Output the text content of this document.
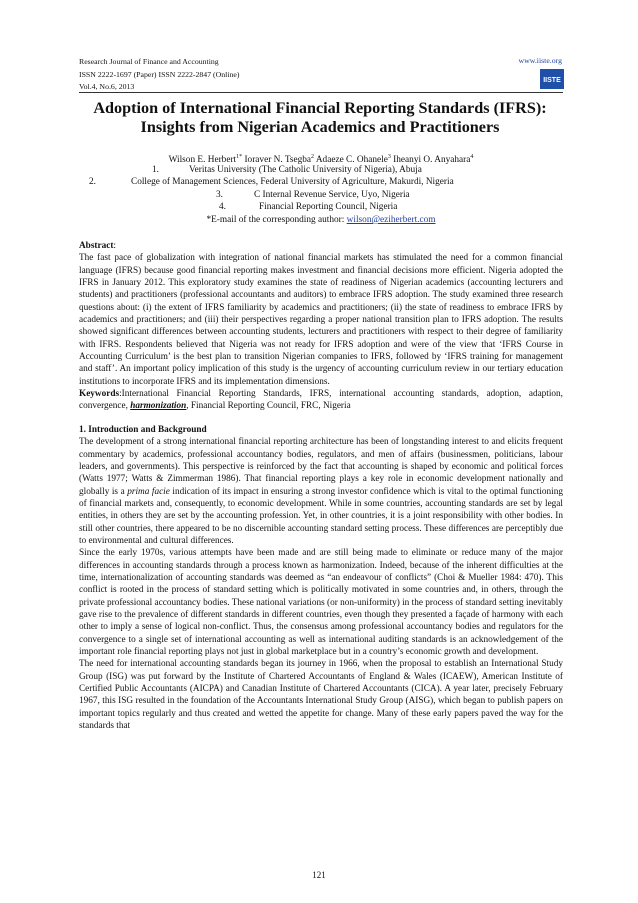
Research Journal of Finance and Accounting
ISSN 2222-1697 (Paper) ISSN 2222-2847 (Online)
Vol.4, No.6, 2013
www.iiste.org
IISTE
Adoption of International Financial Reporting Standards (IFRS):
Insights from Nigerian Academics and Practitioners
Wilson E. Herbert$^{1*}$ Ioraver N. Tsegba$^2$ Adaeze C. Ohanele$^3$ Iheanyi O. Anyahara$^4$
1.	Veritas University (The Catholic University of Nigeria), Abuja
2.	College of Management Sciences, Federal University of Agriculture, Makurdi, Nigeria
3.	C Internal Revenue Service, Uyo, Nigeria
4.	Financial Reporting Council, Nigeria
*E-mail of the corresponding author: wilson@eziherbert.com

Abstract:

The fast pace of globalization with integration of national financial markets has stimulated the need for a common financial language (IFRS) because good financial reporting makes investment and financial decisions more efficient. Nigeria adopted the IFRS in January 2012. This exploratory study examines the state of readiness of Nigerian academics (accounting lecturers and students) and practitioners (professional accountants and auditors) to embrace IFRS adoption. The study examined three research questions about: (i) the extent of IFRS familiarity by academics and practitioners; (ii) the state of readiness to embrace IFRS by academics and practitioners; and (iii) their perspectives regarding a proper national transition plan to IFRS adoption. The results showed significant differences between accounting students, lecturers and practitioners with respect to their degree of familiarity with IFRS. Respondents believed that Nigeria was not ready for IFRS adoption and were of the view that ‘IFRS Course in Accounting Curriculum’ is the best plan to transition Nigerian companies to IFRS, followed by ‘IFRS training for management and staff’. An important policy implication of this study is the urgency of accounting curriculum review in our tertiary education institutions to incorporate IFRS and its implementation dimensions.

Keywords:International Financial Reporting Standards, IFRS, international accounting standards, adoption, adaption, convergence, harmonization, Financial Reporting Council, FRC, Nigeria

1. Introduction and Background

The development of a strong international financial reporting architecture has been of longstanding interest to and elicits frequent commentary by academics, professional accountancy bodies, regulators, and men of affairs (businessmen, politicians, labour leaders, and governments). This perspective is reinforced by the fact that accounting is shaped by economic and political forces (Watts 1977; Watts & Zimmerman 1986). That financial reporting plays a key role in economic development nationally and globally is a prima facie indication of its impact in ensuring a strong investor confidence which is vital to the optimal functioning of financial markets and, consequently, to economic development. While in some countries, accounting standards are set by legal entities, in others they are set by the accounting profession. Yet, in other countries, it is a joint responsibility with other bodies. In still other countries, there appeared to be no discernible accounting standard setting process. These differences are perceptibly due to environmental and cultural differences.

Since the early 1970s, various attempts have been made and are still being made to eliminate or reduce many of the major differences in accounting standards through a process known as harmonization. Indeed, because of the inherent difficulties at the time, internationalization of accounting standards was deemed as “an endeavour of conflicts” (Choi & Mueller 1984: 470). This conflict is rooted in the process of standard setting which is politically motivated in some countries and, in others, through the private professional accountancy bodies. These national variations (or non-uniformity) in the process of standard setting inevitably gave rise to the prevalence of different standards in different countries, even though they presented a façade of harmony with each other to imply a sense of logical non-conflict. Thus, the consensus among professional accountancy bodies and regulators for the convergence to a single set of international accounting as well as international auditing standards is an acknowledgement of the important role financial reporting plays not just in global marketplace but in a country’s economic growth and development.

The need for international accounting standards began its journey in 1966, when the proposal to establish an International Study Group (ISG) was put forward by the Institute of Chartered Accountants of England & Wales (ICAEW), American Institute of Certified Public Accountants (AICPA) and Canadian Institute of Chartered Accountants (CICA). A year later, precisely February 1967, this ISG resulted in the foundation of the Accountants International Study Group (AISG), which began to publish papers on important topics regularly and thus created and wetted the appetite for change. Many of these early papers paved the way for the standards that

121
